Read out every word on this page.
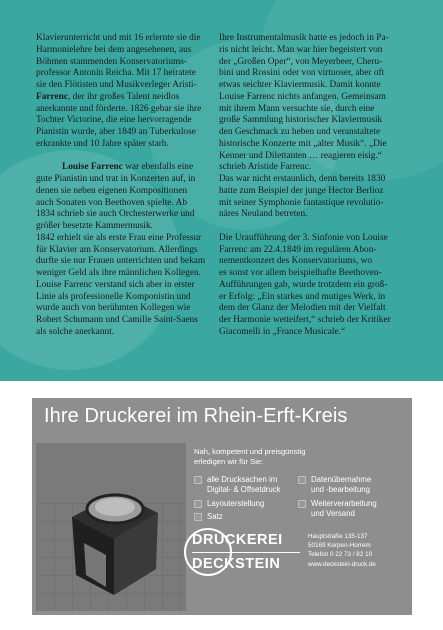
Klavierunterricht und mit 16 erlernte sie die
Harmonielehre bei dem angesehenen, aus
Böhmen stammenden Konservatoriums-
professor Antonín Reicha. Mit 17 heiratete
sie den Flötisten und Musikverleger Aristi-
Farrenc, der ihr großes Talent neidlos
anerkannte und förderte. 1826 gebar sie ihre
Tochter Victorine, die eine hervorragende
Pianistin wurde, aber 1849 an Tuberkulose
erkrankte und 10 Jahre später starb.

Louise Farrenc war ebenfalls eine
gute Pianistin und trat in Konzerten auf, in
denen sie neben eigenen Kompositionen
auch Sonaten von Beethoven spielte. Ab
1834 schrieb sie auch Orchesterwerke und
größer besetzte Kammermusik.

1842 erhielt sie als erste Frau eine Professur
für Klavier am Konservatorium. Allerdings
durfte sie nur Frauen unterrichten und bekam
weniger Geld als ihre männlichen Kollegen.
Louise Farrenc verstand sich aber in erster
Linie als professionelle Komponistin und
wurde auch von berühmten Kollegen wie
Robert Schumann und Camille Saint-Saens
als solche anerkannt.

Ihre Instrumentalmusik hatte es jedoch in Pa-
ris nicht leicht. Man war hier begeistert von
der „Großen Oper“, von Meyerbeer, Cheru-
bini und Rossini oder von virtuoser, aber oft
etwas seichter Klaviermusik. Damit konnte
Louise Farrenc nichts anfangen. Gemeinsam
mit ihrem Mann versuchte sie, durch eine
große Sammlung historischer Klaviermusik
den Geschmack zu heben und veranstaltete
historische Konzerte mit „alter Musik“. „Die
Kenner und Dilettanten … reagieren eisig.“
schrieb Aristide Farrenc.
Das war nicht erstaunlich, denn bereits 1830
hatte zum Beispiel der junge Hector Berlioz
mit seiner Symphonie fantastique revolutio-
näres Neuland betreten.

Die Uraufführung der 3. Sinfonie von Louise
Farrenc am 22.4.1849 im regulären Abon-
nementkonzert des Konservatoriums, wo
es sonst vor allem beispielhafte Beethoven-
Aufführungen gab, wurde trotzdem ein groß-
er Erfolg: „Ein starkes und mutiges Werk, in
dem der Glanz der Melodien mit der Vielfalt
der Harmonie wetteifert,“ schrieb der Kritiker
Giacomelli in „France Musicale.“

Ihre Druckerei im Rhein-Erft-Kreis
Nah, kompetent und preisgünstig
erledigen wir für Sie:
alle Drucksachen im
Digital- & Offsetdruck
Layouterstellung
Satz
Datenübernahme
und -bearbeitung
Weiterverarbeitung
und Versand
DRUCKEREI
DECKSTEIN
Hauptstraße 135-137
50169 Kerpen-Horrem
Telefon 0 22 73 / 82 10
www.deckstein-druck.de
